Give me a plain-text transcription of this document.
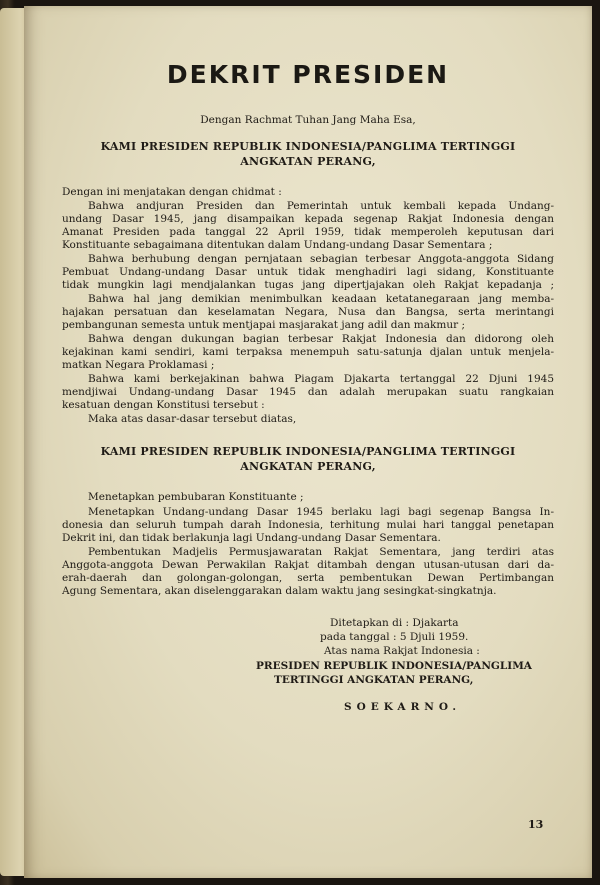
DEKRIT PRESIDEN
Dengan Rachmat Tuhan Jang Maha Esa,
KAMI PRESIDEN REPUBLIK INDONESIA/PANGLIMA TERTINGGI
ANGKATAN PERANG,
Dengan ini menjatakan dengan chidmat :
Bahwa andjuran Presiden dan Pemerintah untuk kembali kepada Undang-
undang Dasar 1945, jang disampaikan kepada segenap Rakjat Indonesia dengan
Amanat Presiden pada tanggal 22 April 1959, tidak memperoleh keputusan dari
Konstituante sebagaimana ditentukan dalam Undang-undang Dasar Sementara ;
Bahwa berhubung dengan pernjataan sebagian terbesar Anggota-anggota Sidang
Pembuat Undang-undang Dasar untuk tidak menghadiri lagi sidang, Konstituante
tidak mungkin lagi mendjalankan tugas jang dipertjajakan oleh Rakjat kepadanja ;
Bahwa hal jang demikian menimbulkan keadaan ketatanegaraan jang memba-
hajakan persatuan dan keselamatan Negara, Nusa dan Bangsa, serta merintangi
pembangunan semesta untuk mentjapai masjarakat jang adil dan makmur ;
Bahwa dengan dukungan bagian terbesar Rakjat Indonesia dan didorong oleh
kejakinan kami sendiri, kami terpaksa menempuh satu-satunja djalan untuk menjela-
matkan Negara Proklamasi ;
Bahwa kami berkejakinan bahwa Piagam Djakarta tertanggal 22 Djuni 1945
mendjiwai Undang-undang Dasar 1945 dan adalah merupakan suatu rangkaian
kesatuan dengan Konstitusi tersebut :
Maka atas dasar-dasar tersebut diatas,
KAMI PRESIDEN REPUBLIK INDONESIA/PANGLIMA TERTINGGI
ANGKATAN PERANG,
Menetapkan pembubaran Konstituante ;
Menetapkan Undang-undang Dasar 1945 berlaku lagi bagi segenap Bangsa In-
donesia dan seluruh tumpah darah Indonesia, terhitung mulai hari tanggal penetapan
Dekrit ini, dan tidak berlakunja lagi Undang-undang Dasar Sementara.
Pembentukan Madjelis Permusjawaratan Rakjat Sementara, jang terdiri atas
Anggota-anggota Dewan Perwakilan Rakjat ditambah dengan utusan-utusan dari da-
erah-daerah dan golongan-golongan, serta pembentukan Dewan Pertimbangan
Agung Sementara, akan diselenggarakan dalam waktu jang sesingkat-singkatnja.
Ditetapkan di : Djakarta
pada tanggal : 5 Djuli 1959.
Atas nama Rakjat Indonesia :
PRESIDEN REPUBLIK INDONESIA/PANGLIMA
TERTINGGI ANGKATAN PERANG,
SOEKARNO.
13
